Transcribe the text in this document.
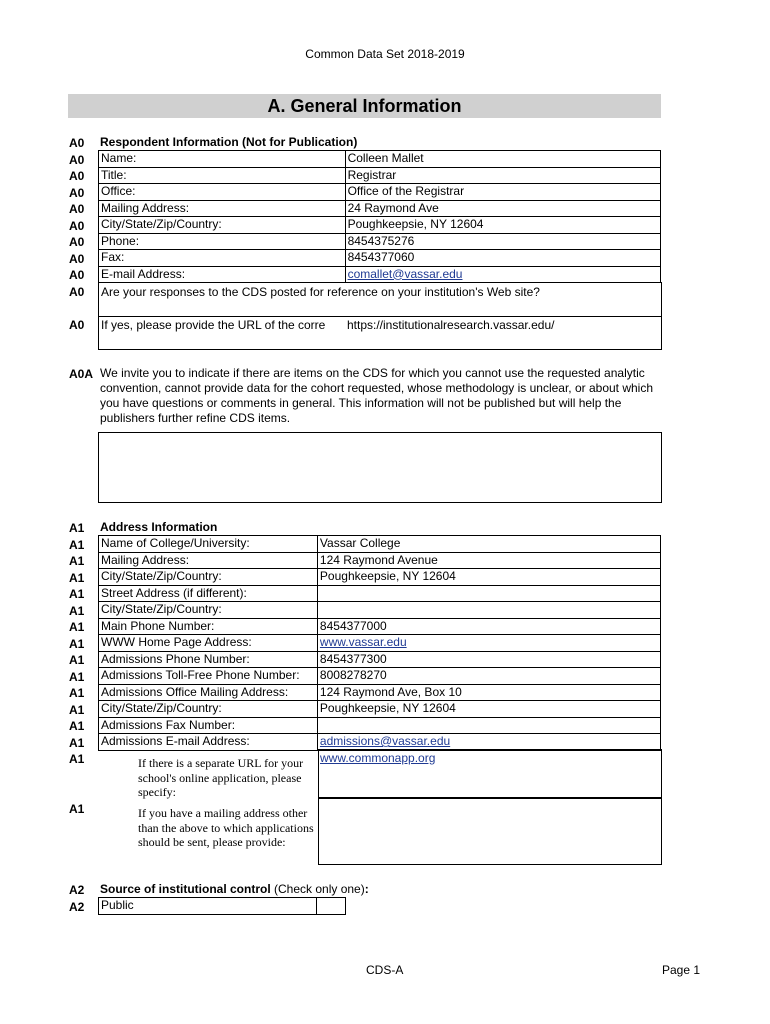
Common Data Set 2018-2019
A. General Information
A0
A0
A0
A0
A0
A0
A0
A0
A0
A0
A0
Respondent Information (Not for Publication)
Name:	Colleen Mallet
Title:	Registrar
Office:	Office of the Registrar
Mailing Address:	24 Raymond Ave
City/State/Zip/Country:	Poughkeepsie, NY 12604
Phone:	8454375276
Fax:	8454377060
E-mail Address:	comallet@vassar.edu
Are your responses to the CDS posted for reference on your institution's Web site?
If yes, please provide the URL of the corre	https://institutionalresearch.vassar.edu/
A0A We invite you to indicate if there are items on the CDS for which you cannot use the requested analytic convention, cannot provide data for the cohort requested, whose methodology is unclear, or about which you have questions or comments in general. This information will not be published but will help the publishers further refine CDS items.
A1
A1
A1
A1
A1
A1
A1
A1
A1
A1
A1
A1
A1
A1
A1
A1
Address Information
Name of College/University:	Vassar College
Mailing Address:	124 Raymond Avenue
City/State/Zip/Country:	Poughkeepsie, NY 12604
Street Address (if different):	
City/State/Zip/Country:	
Main Phone Number:	8454377000
WWW Home Page Address:	www.vassar.edu
Admissions Phone Number:	8454377300
Admissions Toll-Free Phone Number:	8008278270
Admissions Office Mailing Address:	124 Raymond Ave, Box 10
City/State/Zip/Country:	Poughkeepsie, NY 12604
Admissions Fax Number:	
Admissions E-mail Address:	admissions@vassar.edu
If there is a separate URL for your school's online application, please specify:
www.commonapp.org
If you have a mailing address other than the above to which applications should be sent, please provide:
A2
A2
Source of institutional control (Check only one):
Public	
CDS-A	Page 1
